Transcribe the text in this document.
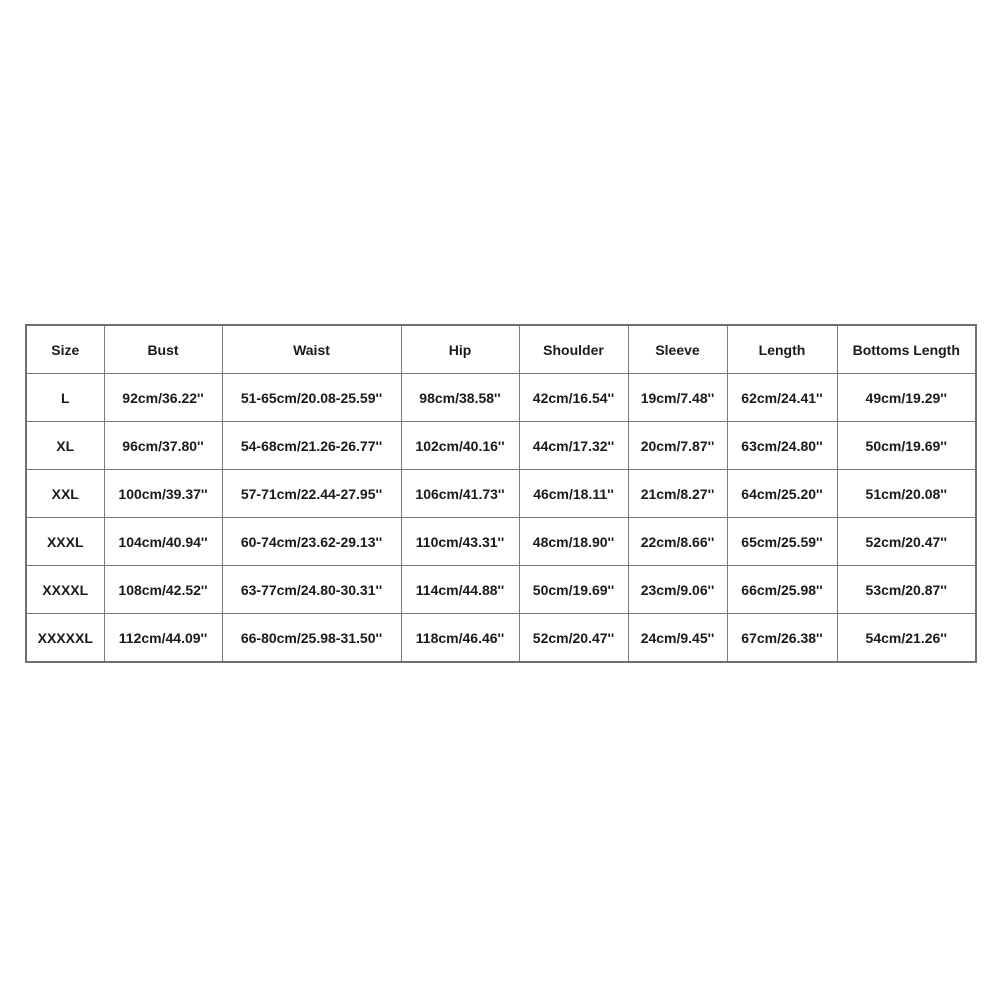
Size	Bust	Waist	Hip	Shoulder	Sleeve	Length	Bottoms Length
L	92cm/36.22''	51-65cm/20.08-25.59''	98cm/38.58''	42cm/16.54''	19cm/7.48''	62cm/24.41''	49cm/19.29''
XL	96cm/37.80''	54-68cm/21.26-26.77''	102cm/40.16''	44cm/17.32''	20cm/7.87''	63cm/24.80''	50cm/19.69''
XXL	100cm/39.37''	57-71cm/22.44-27.95''	106cm/41.73''	46cm/18.11''	21cm/8.27''	64cm/25.20''	51cm/20.08''
XXXL	104cm/40.94''	60-74cm/23.62-29.13''	110cm/43.31''	48cm/18.90''	22cm/8.66''	65cm/25.59''	52cm/20.47''
XXXXL	108cm/42.52''	63-77cm/24.80-30.31''	114cm/44.88''	50cm/19.69''	23cm/9.06''	66cm/25.98''	53cm/20.87''
XXXXXL	112cm/44.09''	66-80cm/25.98-31.50''	118cm/46.46''	52cm/20.47''	24cm/9.45''	67cm/26.38''	54cm/21.26''
